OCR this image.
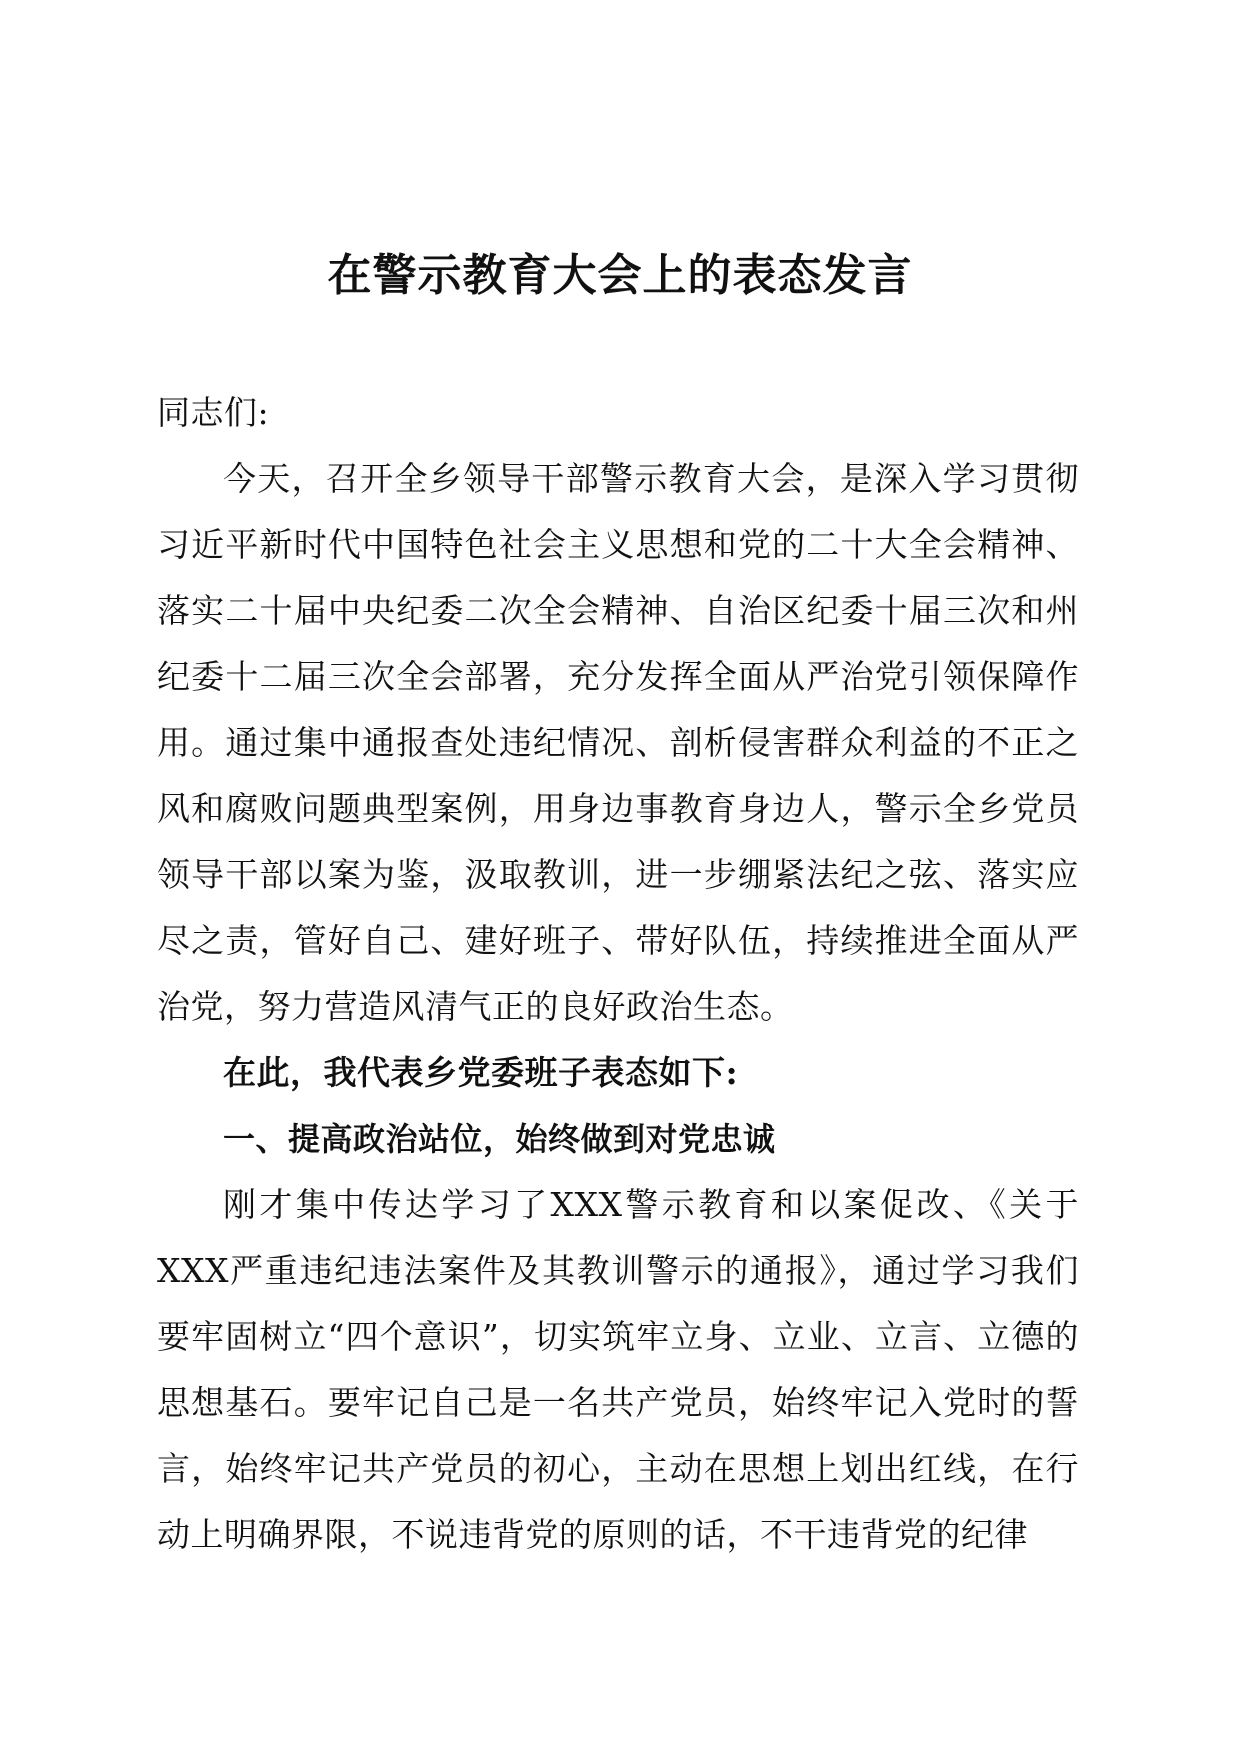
在警示教育大会上的表态发言

同志们:

今天，召开全乡领导干部警示教育大会，是深入学习贯彻习近平新时代中国特色社会主义思想和党的二十大全会精神、落实二十届中央纪委二次全会精神、自治区纪委十届三次和州纪委十二届三次全会部署，充分发挥全面从严治党引领保障作用。通过集中通报查处违纪情况、剖析侵害群众利益的不正之风和腐败问题典型案例，用身边事教育身边人，警示全乡党员领导干部以案为鉴，汲取教训，进一步绷紧法纪之弦、落实应尽之责，管好自己、建好班子、带好队伍，持续推进全面从严治党，努力营造风清气正的良好政治生态。

在此，我代表乡党委班子表态如下:

一、提高政治站位，始终做到对党忠诚

刚才集中传达学习了XXX警示教育和以案促改、《关于XXX严重违纪违法案件及其教训警示的通报》，通过学习我们要牢固树立“四个意识”，切实筑牢立身、立业、立言、立德的思想基石。要牢记自己是一名共产党员，始终牢记入党时的誓言，始终牢记共产党员的初心，主动在思想上划出红线，在行动上明确界限，不说违背党的原则的话，不干违背党的纪律
